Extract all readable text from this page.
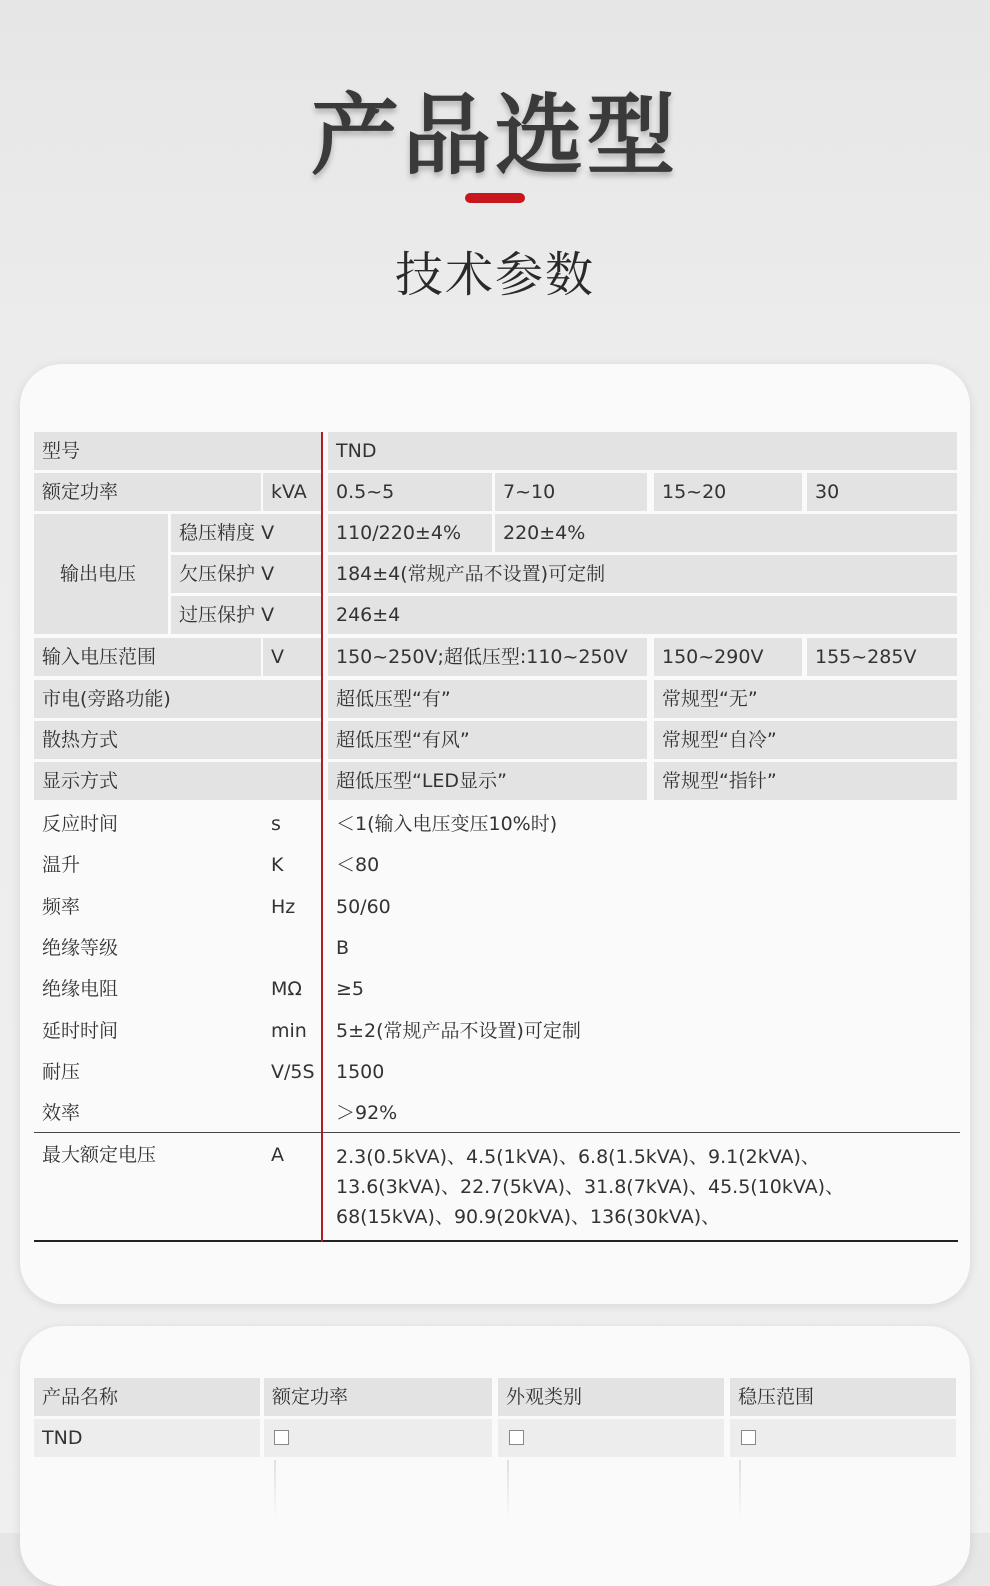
产品选型
技术参数
型号	TND
额定功率	kVA	0.5~5	7~10	15~20	30
输出电压
稳压精度 V	110/220±4%	220±4%
欠压保护 V	184±4(常规产品不设置)可定制
过压保护 V	246±4
输入电压范围	V	150~250V;超低压型:110~250V	150~290V	155~285V
市电(旁路功能)	超低压型“有”	常规型“无”
散热方式	超低压型“有风”	常规型“自冷”
显示方式	超低压型“LED显示”	常规型“指针”
反应时间	s	＜1(输入电压变压10%时)
温升	K	＜80
频率	Hz	50/60
绝缘等级	B
绝缘电阻	MΩ	≥5
延时时间	min	5±2(常规产品不设置)可定制
耐压	V/5S	1500
效率	＞92%
最大额定电压	A	2.3(0.5kVA)、4.5(1kVA)、6.8(1.5kVA)、9.1(2kVA)、
13.6(3kVA)、22.7(5kVA)、31.8(7kVA)、45.5(10kVA)、
68(15kVA)、90.9(20kVA)、136(30kVA)、
产品名称	额定功率	外观类别	稳压范围
TND
